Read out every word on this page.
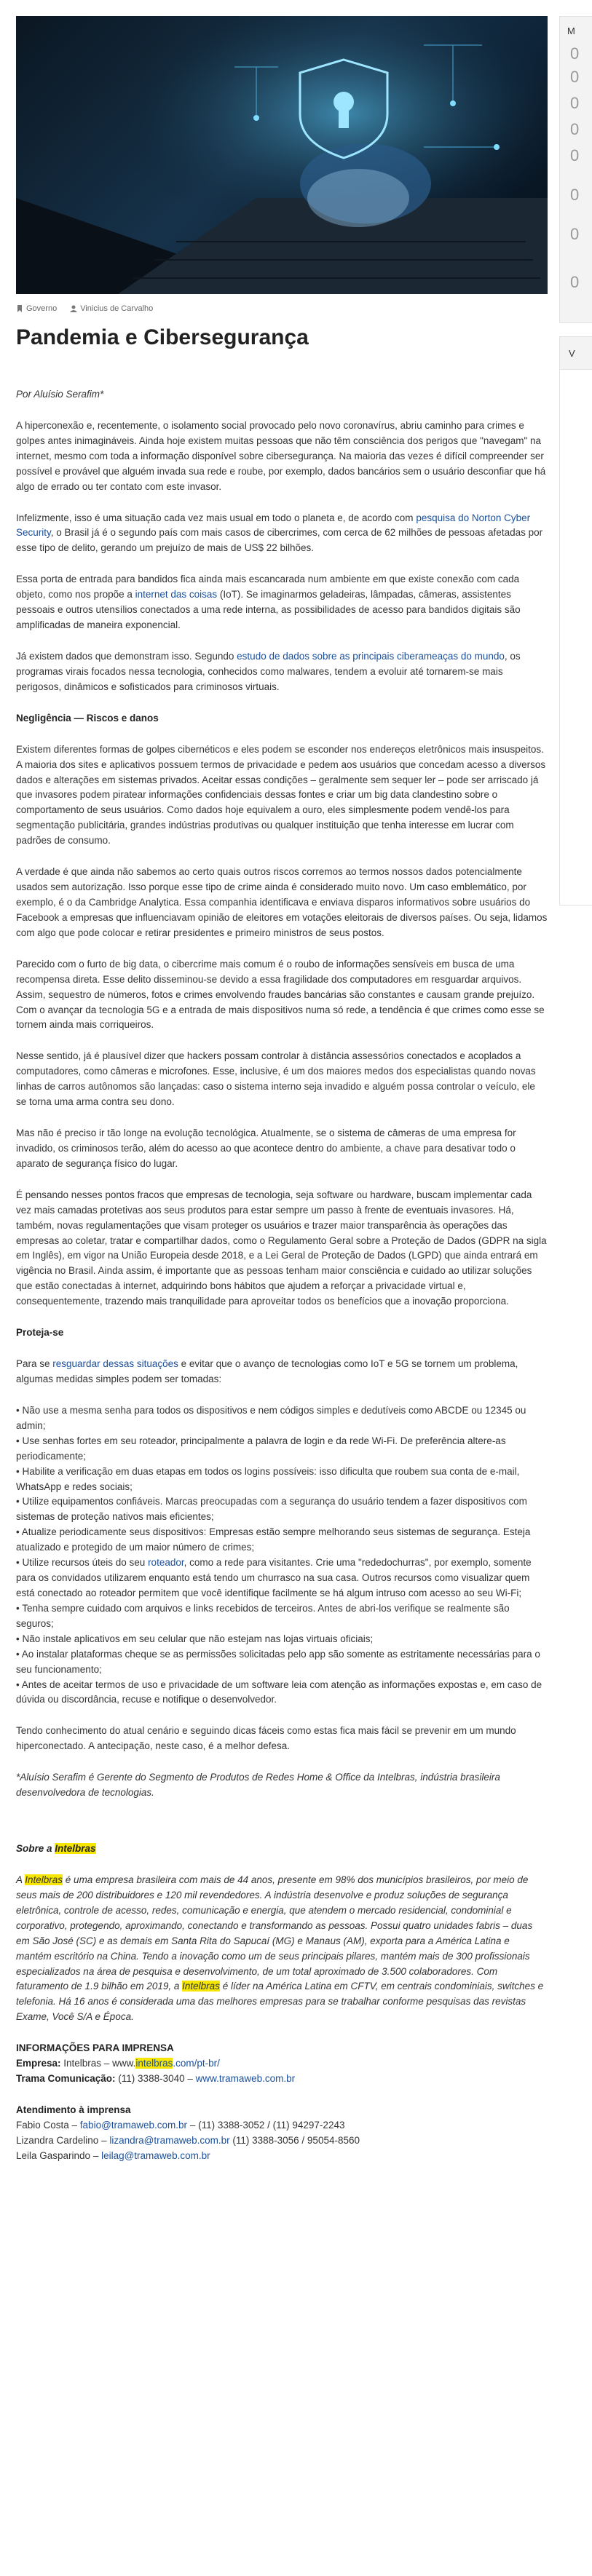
Governo	Vinicius de Carvalho
Pandemia e Cibersegurança

Por Aluísio Serafim*

A hiperconexão e, recentemente, o isolamento social provocado pelo novo coronavírus, abriu caminho para crimes e golpes antes inimagináveis. Ainda hoje existem muitas pessoas que não têm consciência dos perigos que "navegam" na internet, mesmo com toda a informação disponível sobre cibersegurança. Na maioria das vezes é difícil compreender ser possível e provável que alguém invada sua rede e roube, por exemplo, dados bancários sem o usuário desconfiar que há algo de errado ou ter contato com este invasor.

Infelizmente, isso é uma situação cada vez mais usual em todo o planeta e, de acordo com pesquisa do Norton Cyber Security, o Brasil já é o segundo país com mais casos de cibercrimes, com cerca de 62 milhões de pessoas afetadas por esse tipo de delito, gerando um prejuízo de mais de US$ 22 bilhões.

Essa porta de entrada para bandidos fica ainda mais escancarada num ambiente em que existe conexão com cada objeto, como nos propõe a internet das coisas (IoT). Se imaginarmos geladeiras, lâmpadas, câmeras, assistentes pessoais e outros utensílios conectados a uma rede interna, as possibilidades de acesso para bandidos digitais são amplificadas de maneira exponencial.

Já existem dados que demonstram isso. Segundo estudo de dados sobre as principais ciberameaças do mundo, os programas virais focados nessa tecnologia, conhecidos como malwares, tendem a evoluir até tornarem-se mais perigosos, dinâmicos e sofisticados para criminosos virtuais.

Negligência — Riscos e danos

Existem diferentes formas de golpes cibernéticos e eles podem se esconder nos endereços eletrônicos mais insuspeitos. A maioria dos sites e aplicativos possuem termos de privacidade e pedem aos usuários que concedam acesso a diversos dados e alterações em sistemas privados. Aceitar essas condições – geralmente sem sequer ler – pode ser arriscado já que invasores podem piratear informações confidenciais dessas fontes e criar um big data clandestino sobre o comportamento de seus usuários. Como dados hoje equivalem a ouro, eles simplesmente podem vendê-los para segmentação publicitária, grandes indústrias produtivas ou qualquer instituição que tenha interesse em lucrar com padrões de consumo.

A verdade é que ainda não sabemos ao certo quais outros riscos corremos ao termos nossos dados potencialmente usados sem autorização. Isso porque esse tipo de crime ainda é considerado muito novo. Um caso emblemático, por exemplo, é o da Cambridge Analytica. Essa companhia identificava e enviava disparos informativos sobre usuários do Facebook a empresas que influenciavam opinião de eleitores em votações eleitorais de diversos países. Ou seja, lidamos com algo que pode colocar e retirar presidentes e primeiro ministros de seus postos.

Parecido com o furto de big data, o cibercrime mais comum é o roubo de informações sensíveis em busca de uma recompensa direta. Esse delito disseminou-se devido a essa fragilidade dos computadores em resguardar arquivos. Assim, sequestro de números, fotos e crimes envolvendo fraudes bancárias são constantes e causam grande prejuízo. Com o avançar da tecnologia 5G e a entrada de mais dispositivos numa só rede, a tendência é que crimes como esse se tornem ainda mais corriqueiros.

Nesse sentido, já é plausível dizer que hackers possam controlar à distância assessórios conectados e acoplados a computadores, como câmeras e microfones. Esse, inclusive, é um dos maiores medos dos especialistas quando novas linhas de carros autônomos são lançadas: caso o sistema interno seja invadido e alguém possa controlar o veículo, ele se torna uma arma contra seu dono.

Mas não é preciso ir tão longe na evolução tecnológica. Atualmente, se o sistema de câmeras de uma empresa for invadido, os criminosos terão, além do acesso ao que acontece dentro do ambiente, a chave para desativar todo o aparato de segurança físico do lugar.

É pensando nesses pontos fracos que empresas de tecnologia, seja software ou hardware, buscam implementar cada vez mais camadas protetivas aos seus produtos para estar sempre um passo à frente de eventuais invasores. Há, também, novas regulamentações que visam proteger os usuários e trazer maior transparência às operações das empresas ao coletar, tratar e compartilhar dados, como o Regulamento Geral sobre a Proteção de Dados (GDPR na sigla em Inglês), em vigor na União Europeia desde 2018, e a Lei Geral de Proteção de Dados (LGPD) que ainda entrará em vigência no Brasil. Ainda assim, é importante que as pessoas tenham maior consciência e cuidado ao utilizar soluções que estão conectadas à internet, adquirindo bons hábitos que ajudem a reforçar a privacidade virtual e, consequentemente, trazendo mais tranquilidade para aproveitar todos os benefícios que a inovação proporciona.

Proteja-se

Para se resguardar dessas situações e evitar que o avanço de tecnologias como IoT e 5G se tornem um problema, algumas medidas simples podem ser tomadas:

• Não use a mesma senha para todos os dispositivos e nem códigos simples e dedutíveis como ABCDE ou 12345 ou admin;
• Use senhas fortes em seu roteador, principalmente a palavra de login e da rede Wi-Fi. De preferência altere-as periodicamente;
• Habilite a verificação em duas etapas em todos os logins possíveis: isso dificulta que roubem sua conta de e-mail, WhatsApp e redes sociais;
• Utilize equipamentos confiáveis. Marcas preocupadas com a segurança do usuário tendem a fazer dispositivos com sistemas de proteção nativos mais eficientes;
• Atualize periodicamente seus dispositivos: Empresas estão sempre melhorando seus sistemas de segurança. Esteja atualizado e protegido de um maior número de crimes;
• Utilize recursos úteis do seu roteador, como a rede para visitantes. Crie uma "rededochurras", por exemplo, somente para os convidados utilizarem enquanto está tendo um churrasco na sua casa. Outros recursos como visualizar quem está conectado ao roteador permitem que você identifique facilmente se há algum intruso com acesso ao seu Wi-Fi;
• Tenha sempre cuidado com arquivos e links recebidos de terceiros. Antes de abri-los verifique se realmente são seguros;
• Não instale aplicativos em seu celular que não estejam nas lojas virtuais oficiais;
• Ao instalar plataformas cheque se as permissões solicitadas pelo app são somente as estritamente necessárias para o seu funcionamento;
• Antes de aceitar termos de uso e privacidade de um software leia com atenção as informações expostas e, em caso de dúvida ou discordância, recuse e notifique o desenvolvedor.

Tendo conhecimento do atual cenário e seguindo dicas fáceis como estas fica mais fácil se prevenir em um mundo hiperconectado. A antecipação, neste caso, é a melhor defesa.

*Aluísio Serafim é Gerente do Segmento de Produtos de Redes Home & Office da Intelbras, indústria brasileira desenvolvedora de tecnologias.

Sobre a Intelbras

A Intelbras é uma empresa brasileira com mais de 44 anos, presente em 98% dos municípios brasileiros, por meio de seus mais de 200 distribuidores e 120 mil revendedores. A indústria desenvolve e produz soluções de segurança eletrônica, controle de acesso, redes, comunicação e energia, que atendem o mercado residencial, condominial e corporativo, protegendo, aproximando, conectando e transformando as pessoas. Possui quatro unidades fabris – duas em São José (SC) e as demais em Santa Rita do Sapucaí (MG) e Manaus (AM), exporta para a América Latina e mantém escritório na China. Tendo a inovação como um de seus principais pilares, mantém mais de 300 profissionais especializados na área de pesquisa e desenvolvimento, de um total aproximado de 3.500 colaboradores. Com faturamento de 1.9 bilhão em 2019, a Intelbras é líder na América Latina em CFTV, em centrais condominiais, switches e telefonia. Há 16 anos é considerada uma das melhores empresas para se trabalhar conforme pesquisas das revistas Exame, Você S/A e Época.

INFORMAÇÕES PARA IMPRENSA
Empresa: Intelbras – www.intelbras.com/pt-br/
Trama Comunicação: (11) 3388-3040 – www.tramaweb.com.br
Atendimento à imprensa
Fabio Costa – fabio@tramaweb.com.br – (11) 3388-3052 / (11) 94297-2243
Lizandra Cardelino – lizandra@tramaweb.com.br (11) 3388-3056 / 95054-8560
Leila Gasparindo – leilag@tramaweb.com.br
M
0
0
0
0
0
0
0
0
V
